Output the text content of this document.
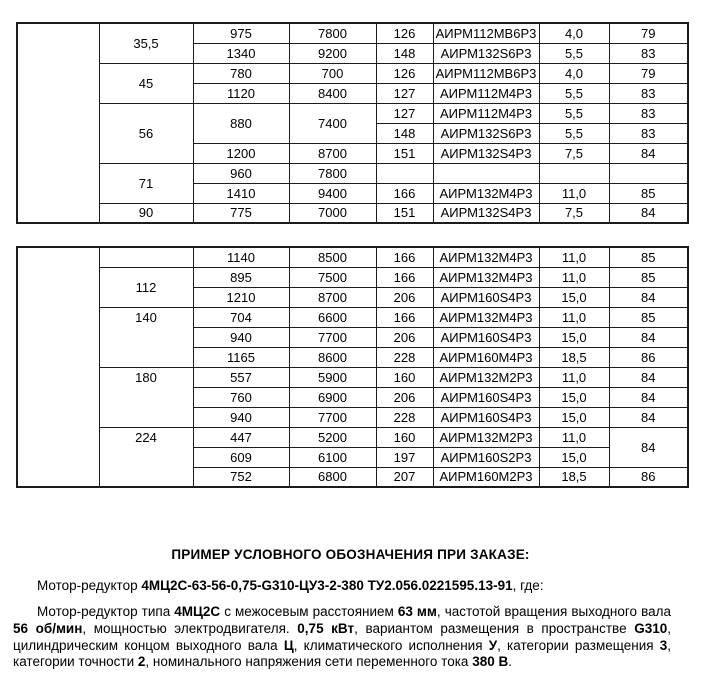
	35,5	975	7800	126	АИРМ112МВ6Р3	4,0	79
		1340	9200	148	АИРМ132S6Р3	5,5	83
	45	780	700	126	АИРМ112МВ6Р3	4,0	79
		1120	8400	127	АИРМ112М4Р3	5,5	83
	56	880	7400	127	АИРМ112М4Р3	5,5	83
				148	АИРМ132S6Р3	5,5	83
		1200	8700	151	АИРМ132S4Р3	7,5	84
	71	960	7800				
		1410	9400	166	АИРМ132М4Р3	11,0	85
	90	775	7000	151	АИРМ132S4Р3	7,5	84
		1140	8500	166	АИРМ132М4Р3	11,0	85
	112	895	7500	166	АИРМ132М4Р3	11,0	85
		1210	8700	206	АИРМ160S4Р3	15,0	84
	140	704	6600	166	АИРМ132М4Р3	11,0	85
		940	7700	206	АИРМ160S4Р3	15,0	84
		1165	8600	228	АИРМ160М4Р3	18,5	86
	180	557	5900	160	АИРМ132М2Р3	11,0	84
		760	6900	206	АИРМ160S4Р3	15,0	84
		940	7700	228	АИРМ160S4Р3	15,0	84
	224	447	5200	160	АИРМ132М2Р3	11,0	84
		609	6100	197	АИРМ160S2Р3	15,0	
		752	6800	207	АИРМ160М2Р3	18,5	86
ПРИМЕР УСЛОВНОГО ОБОЗНАЧЕНИЯ ПРИ ЗАКАЗЕ:
Мотор-редуктор 4МЦ2С-63-56-0,75-G310-ЦУ3-2-380 ТУ2.056.0221595.13-91, где:
Мотор-редуктор типа 4МЦ2С с межосевым расстоянием 63 мм, частотой вращения выходного вала 56 об/мин, мощностью электродвигателя. 0,75 кВт, вариантом размещения в пространстве G310, цилиндрическим концом выходного вала Ц, климатического исполнения У, категории размещения 3, категории точности 2, номинального напряжения сети переменного тока 380 В.
